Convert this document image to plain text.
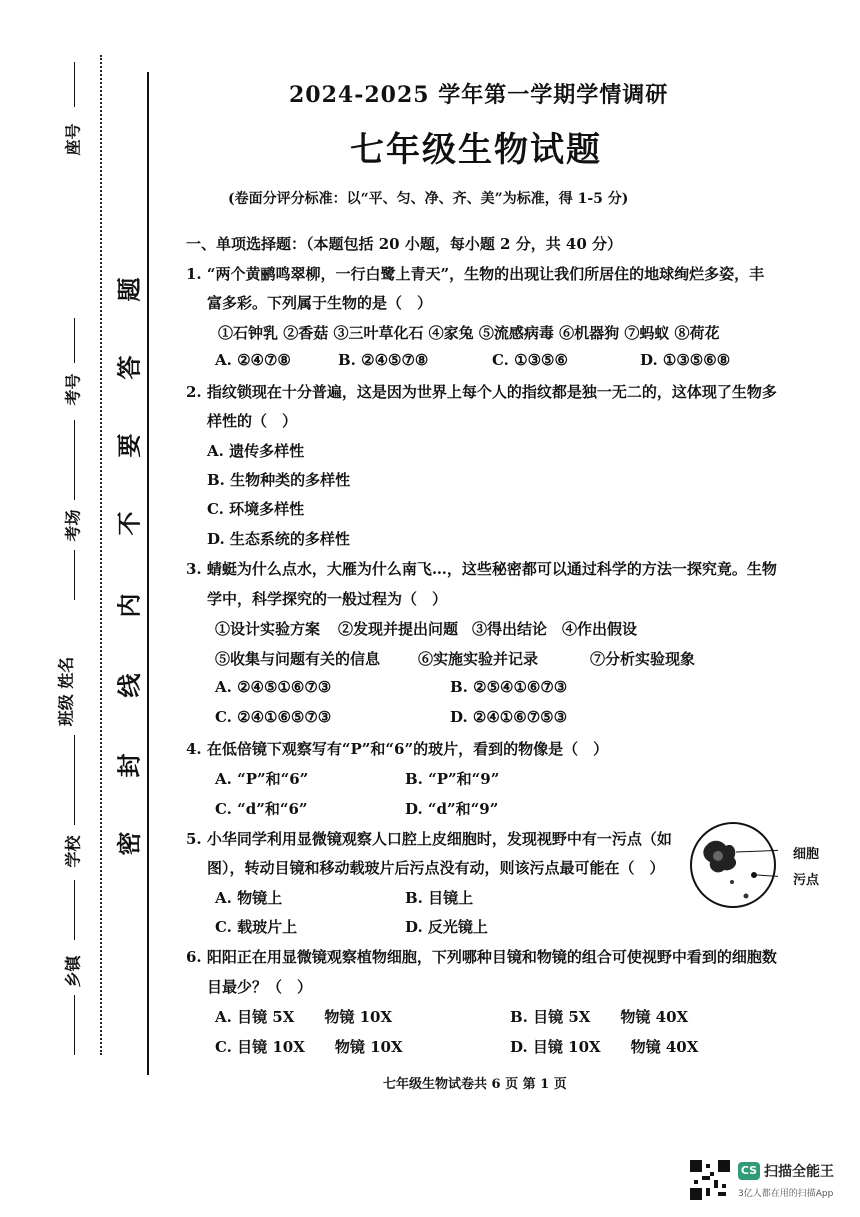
座号
考号
考场
班级 姓名
学校
乡镇
题
答
要
不
内
线
封
密
2024-2025 学年第一学期学情调研
七年级生物试题
(卷面分评分标准：以“平、匀、净、齐、美”为标准，得 1-5 分)
一、单项选择题：（本题包括 20 小题，每小题 2 分，共 40 分）
1. “两个黄鹂鸣翠柳，一行白鹭上青天”，生物的出现让我们所居住的地球绚烂多姿，丰
富多彩。下列属于生物的是（　）
①石钟乳 ②香菇 ③三叶草化石 ④家兔 ⑤流感病毒 ⑥机器狗 ⑦蚂蚁 ⑧荷花
A. ②④⑦⑧	B. ②④⑤⑦⑧	C. ①③⑤⑥	D. ①③⑤⑥⑧
2. 指纹锁现在十分普遍，这是因为世界上每个人的指纹都是独一无二的，这体现了生物多
样性的（　）
A. 遗传多样性
B. 生物种类的多样性
C. 环境多样性
D. 生态系统的多样性
3. 蜻蜓为什么点水，大雁为什么南飞…，这些秘密都可以通过科学的方法一探究竟。生物
学中，科学探究的一般过程为（　）
①设计实验方案 ②发现并提出问题 ③得出结论 ④作出假设
⑤收集与问题有关的信息	⑥实施实验并记录	⑦分析实验现象
A. ②④⑤①⑥⑦③	B. ②⑤④①⑥⑦③
C. ②④①⑥⑤⑦③	D. ②④①⑥⑦⑤③
4. 在低倍镜下观察写有“P”和“6”的玻片，看到的物像是（　）
A. “P”和“6”	B. “P”和“9”
C. “d”和“6”	D. “d”和“9”
5. 小华同学利用显微镜观察人口腔上皮细胞时，发现视野中有一污点（如
图），转动目镜和移动载玻片后污点没有动，则该污点最可能在（　）
A. 物镜上	B. 目镜上
C. 载玻片上	D. 反光镜上
细胞
污点
6. 阳阳正在用显微镜观察植物细胞，下列哪种目镜和物镜的组合可使视野中看到的细胞数
目最少？（　）
A. 目镜 5X　　物镜 10X	B. 目镜 5X　　物镜 40X
C. 目镜 10X　　物镜 10X	D. 目镜 10X　　物镜 40X
七年级生物试卷共 6 页 第 1 页
CS 扫描全能王
3亿人都在用的扫描App
